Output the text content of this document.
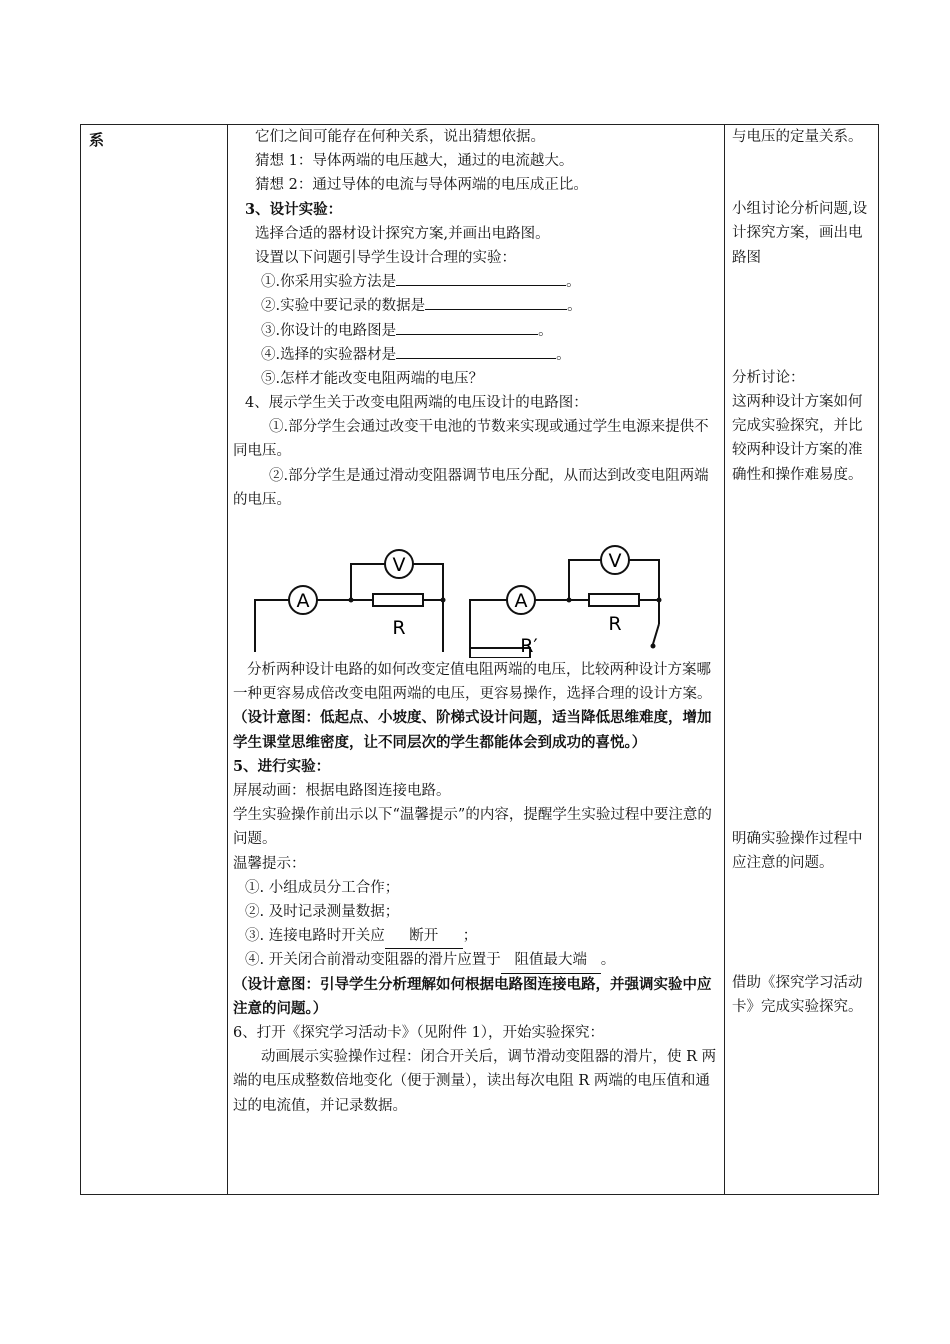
系	它们之间可能存在何种关系，说出猜想依据。
猜想 1：导体两端的电压越大，通过的电流越大。
猜想 2：通过导体的电流与导体两端的电压成正比。
3、设计实验：
选择合适的器材设计探究方案,并画出电路图。
设置以下问题引导学生设计合理的实验：
①.你采用实验方法是	。
②.实验中要记录的数据是	。
③.你设计的电路图是	。
④.选择的实验器材是	。
⑤.怎样才能改变电阻两端的电压？
4、展示学生关于改变电阻两端的电压设计的电路图：
①.部分学生会通过改变干电池的节数来实现或通过学生电源来提供不同电压。
②.部分学生是通过滑动变阻器调节电压分配，从而达到改变电阻两端的电压。
A
V
R
A
V
R
R′
分析两种设计电路的如何改变定值电阻两端的电压，比较两种设计方案哪一种更容易成倍改变电阻两端的电压，更容易操作，选择合理的设计方案。
（设计意图：低起点、小坡度、阶梯式设计问题，适当降低思维难度，增加学生课堂思维密度，让不同层次的学生都能体会到成功的喜悦。）
5、进行实验：
屏展动画：根据电路图连接电路。
学生实验操作前出示以下“温馨提示”的内容，提醒学生实验过程中要注意的问题。
温馨提示：
①. 小组成员分工合作；
②. 及时记录测量数据；
③. 连接电路时开关应 断开 ；
④. 开关闭合前滑动变阻器的滑片应置于 阻值最大端 。
（设计意图：引导学生分析理解如何根据电路图连接电路，并强调实验中应注意的问题。）
6、打开《探究学习活动卡》（见附件 1），开始实验探究：
动画展示实验操作过程：闭合开关后，调节滑动变阻器的滑片，使 R 两端的电压成整数倍地变化（便于测量），读出每次电阻 R 两端的电压值和通过的电流值，并记录数据。
与电压的定量关系。
小组讨论分析问题,设计探究方案，画出电路图
分析讨论：
这两种设计方案如何完成实验探究，并比较两种设计方案的准确性和操作难易度。
明确实验操作过程中应注意的问题。
借助《探究学习活动卡》完成实验探究。
